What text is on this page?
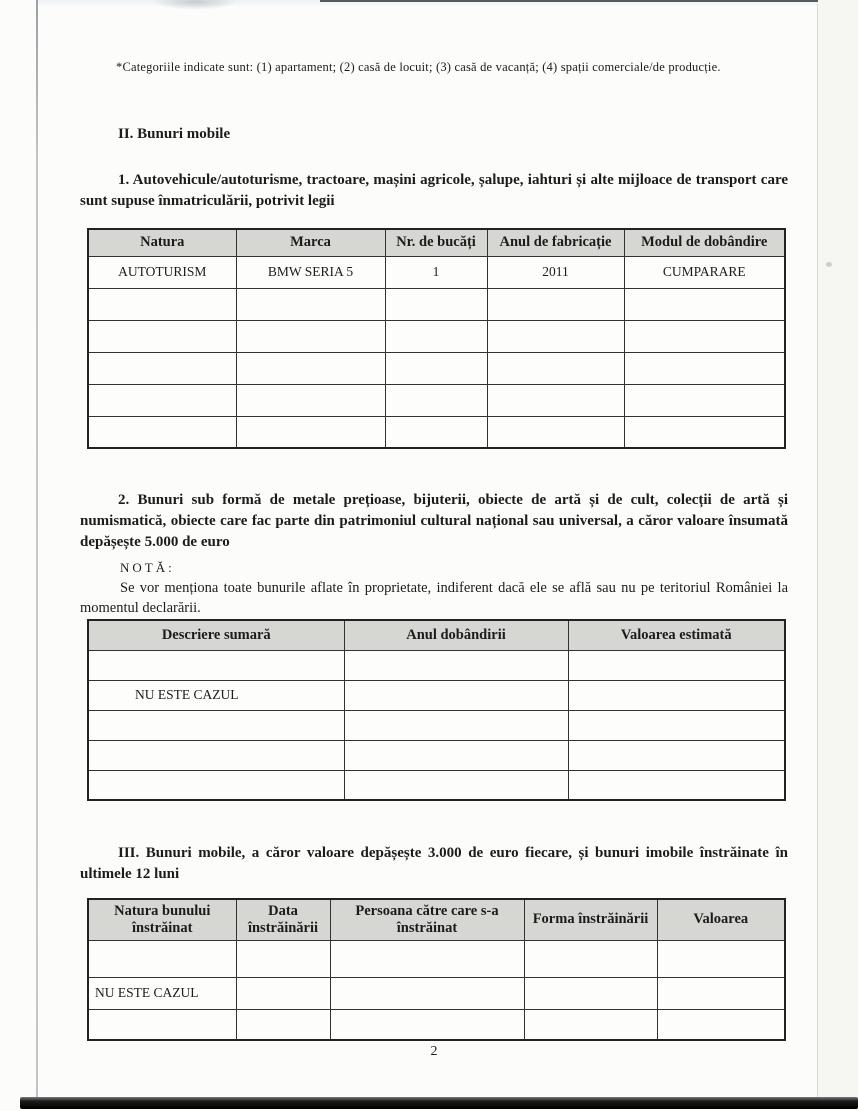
*Categoriile indicate sunt: (1) apartament; (2) casă de locuit; (3) casă de vacanță; (4) spații comerciale/de producție.
II. Bunuri mobile
1. Autovehicule/autoturisme, tractoare, mașini agricole, șalupe, iahturi și alte mijloace de transport care sunt supuse înmatriculării, potrivit legii
Natura	Marca	Nr. de bucăți	Anul de fabricație	Modul de dobândire
AUTOTURISM	BMW SERIA 5	1	2011	CUMPARARE

2. Bunuri sub formă de metale prețioase, bijuterii, obiecte de artă și de cult, colecții de artă și numismatică, obiecte care fac parte din patrimoniul cultural național sau universal, a căror valoare însumată depășește 5.000 de euro
NOTĂ:
Se vor menționa toate bunurile aflate în proprietate, indiferent dacă ele se află sau nu pe teritoriul României la momentul declarării.
Descriere sumară	Anul dobândirii	Valoarea estimată

NU ESTE CAZUL		

III. Bunuri mobile, a căror valoare depășește 3.000 de euro fiecare, și bunuri imobile înstrăinate în ultimele 12 luni
Natura bunului înstrăinat	Data înstrăinării	Persoana către care s-a înstrăinat	Forma înstrăinării	Valoarea

NU ESTE CAZUL				

2
